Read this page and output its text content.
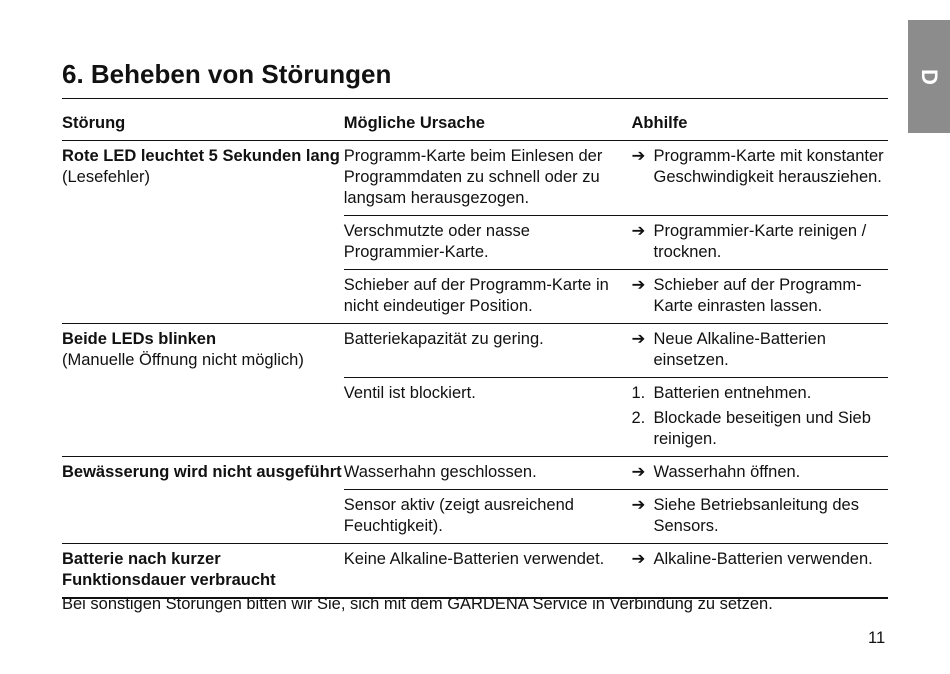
D
6. Beheben von Störungen
Störung	Mögliche Ursache	Abhilfe
Rote LED leuchtet 5 Sekunden lang (Lesefehler)	Programm-Karte beim Einlesen der Programmdaten zu schnell oder zu langsam herausgezogen.	➔ Programm-Karte mit konstanter Geschwindigkeit herausziehen.

	Verschmutzte oder nasse Programmier-Karte.	➔ Programmier-Karte reinigen / trocknen.

	Schieber auf der Programm-Karte in nicht eindeutiger Position.	➔ Schieber auf der Programm-Karte einrasten lassen.

Beide LEDs blinken
(Manuelle Öffnung nicht möglich)	Batteriekapazität zu gering.	➔ Neue Alkaline-Batterien einsetzen.

	Ventil ist blockiert.	1. Batterien entnehmen.
2. Blockade beseitigen und Sieb reinigen.

Bewässerung wird nicht ausgeführt	Wasserhahn geschlossen.	➔ Wasserhahn öffnen.

	Sensor aktiv (zeigt ausreichend Feuchtigkeit).	➔ Siehe Betriebsanleitung des Sensors.

Batterie nach kurzer Funktionsdauer verbraucht	Keine Alkaline-Batterien verwendet.	➔ Alkaline-Batterien verwenden.
Bei sonstigen Störungen bitten wir Sie, sich mit dem GARDENA Service in Verbindung zu setzen.
11
